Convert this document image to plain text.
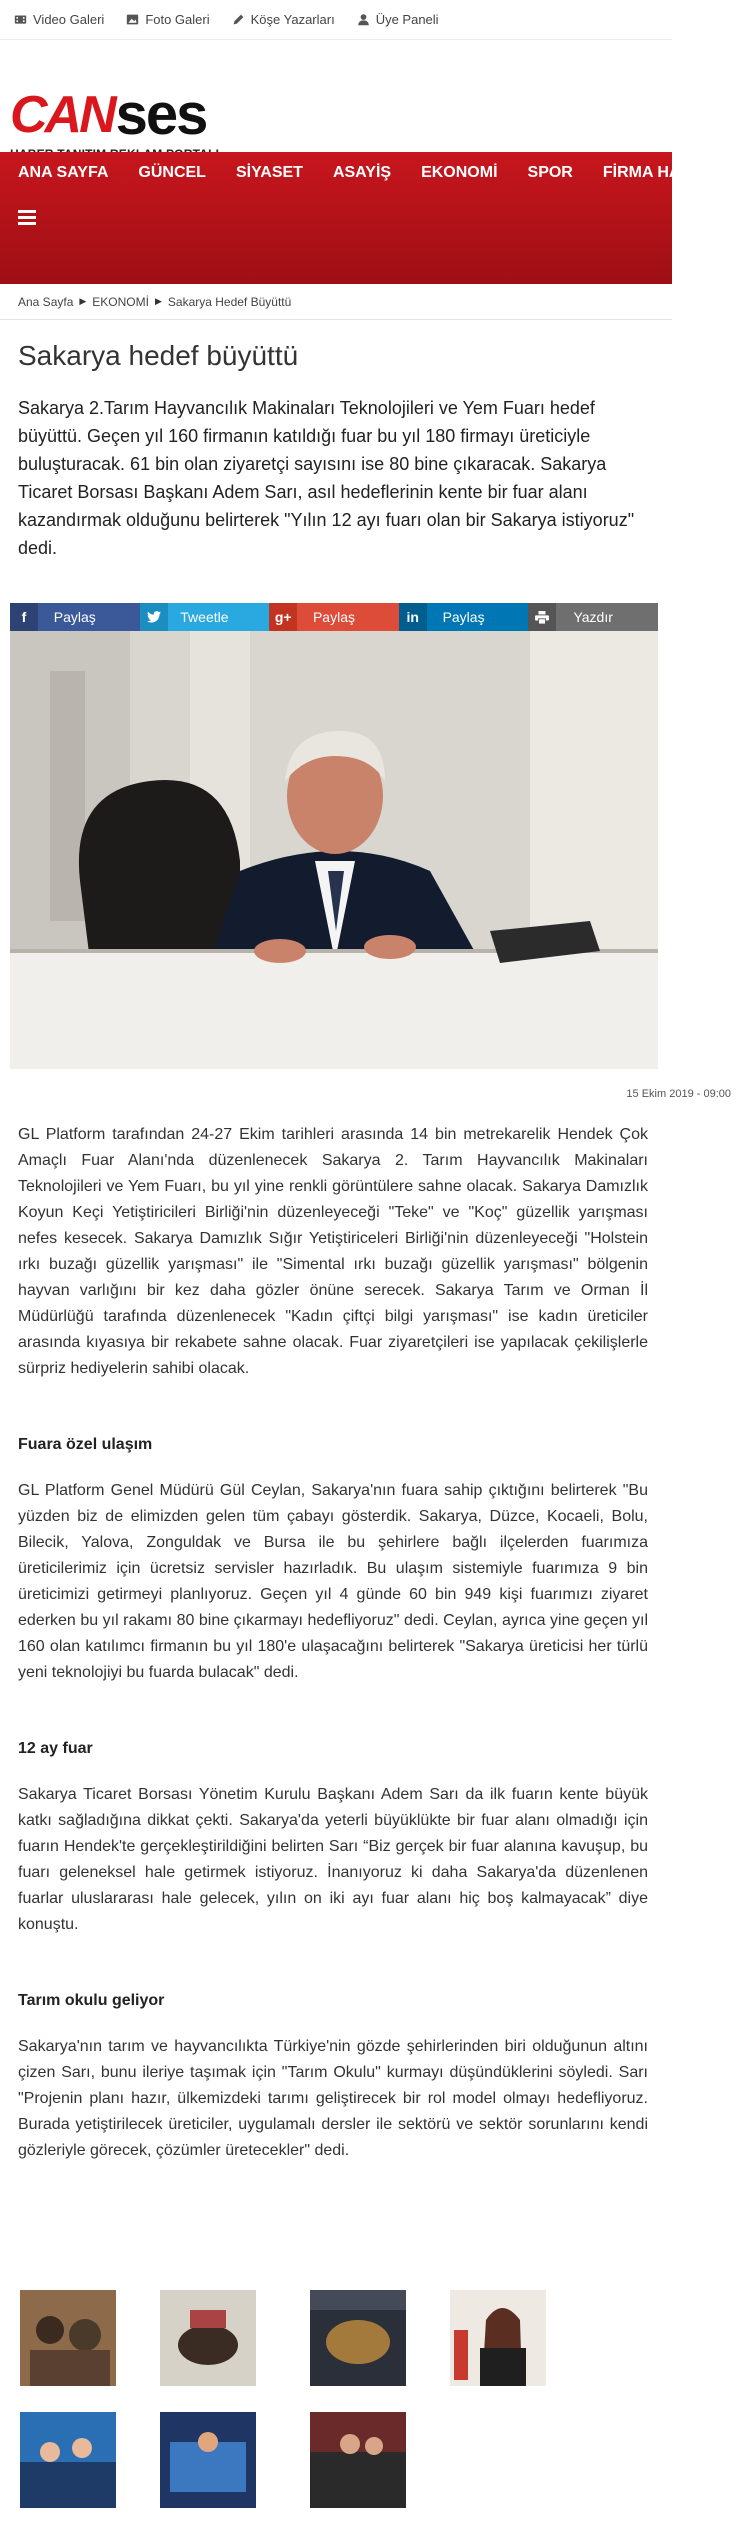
Video Galeri	Foto Galeri	Köşe Yazarları	Üye Paneli
CAN ses
ANA SAYFA GÜNCEL SİYASET ASAYİŞ EKONOMİ SPOR FİRMA HABERLERİ
Ana Sayfa ▶ EKONOMİ ▶ Sakarya Hedef Büyüttü
Sakarya hedef büyüttü

Sakarya 2.Tarım Hayvancılık Makinaları Teknolojileri ve Yem Fuarı hedef büyüttü. Geçen yıl 160 firmanın katıldığı fuar bu yıl 180 firmayı üreticiyle buluşturacak. 61 bin olan ziyaretçi sayısını ise 80 bine çıkaracak. Sakarya Ticaret Borsası Başkanı Adem Sarı, asıl hedeflerinin kente bir fuar alanı kazandırmak olduğunu belirterek "Yılın 12 ayı fuarı olan bir Sakarya istiyoruz" dedi.

f	Paylaş	Tweetle	g+	Paylaş	in	Paylaş	Yazdır
15 Ekim 2019 - 09:00

GL Platform tarafından 24-27 Ekim tarihleri arasında 14 bin metrekarelik Hendek Çok Amaçlı Fuar Alanı'nda düzenlenecek Sakarya 2. Tarım Hayvancılık Makinaları Teknolojileri ve Yem Fuarı, bu yıl yine renkli görüntülere sahne olacak. Sakarya Damızlık Koyun Keçi Yetiştiricileri Birliği'nin düzenleyeceği "Teke" ve "Koç" güzellik yarışması nefes kesecek. Sakarya Damızlık Sığır Yetiştiriceleri Birliği'nin düzenleyeceği "Holstein ırkı buzağı güzellik yarışması" ile "Simental ırkı buzağı güzellik yarışması" bölgenin hayvan varlığını bir kez daha gözler önüne serecek. Sakarya Tarım ve Orman İl Müdürlüğü tarafında düzenlenecek "Kadın çiftçi bilgi yarışması" ise kadın üreticiler arasında kıyasıya bir rekabete sahne olacak. Fuar ziyaretçileri ise yapılacak çekilişlerle sürpriz hediyelerin sahibi olacak.

Fuara özel ulaşım

GL Platform Genel Müdürü Gül Ceylan, Sakarya'nın fuara sahip çıktığını belirterek "Bu yüzden biz de elimizden gelen tüm çabayı gösterdik. Sakarya, Düzce, Kocaeli, Bolu, Bilecik, Yalova, Zonguldak ve Bursa ile bu şehirlere bağlı ilçelerden fuarımıza üreticilerimiz için ücretsiz servisler hazırladık. Bu ulaşım sistemiyle fuarımıza 9 bin üreticimizi getirmeyi planlıyoruz. Geçen yıl 4 günde 60 bin 949 kişi fuarımızı ziyaret ederken bu yıl rakamı 80 bine çıkarmayı hedefliyoruz" dedi. Ceylan, ayrıca yine geçen yıl 160 olan katılımcı firmanın bu yıl 180'e ulaşacağını belirterek "Sakarya üreticisi her türlü yeni teknolojiyi bu fuarda bulacak" dedi.

12 ay fuar

Sakarya Ticaret Borsası Yönetim Kurulu Başkanı Adem Sarı da ilk fuarın kente büyük katkı sağladığına dikkat çekti. Sakarya'da yeterli büyüklükte bir fuar alanı olmadığı için fuarın Hendek'te gerçekleştirildiğini belirten Sarı “Biz gerçek bir fuar alanına kavuşup, bu fuarı geleneksel hale getirmek istiyoruz. İnanıyoruz ki daha Sakarya'da düzenlenen fuarlar uluslararası hale gelecek, yılın on iki ayı fuar alanı hiç boş kalmayacak” diye konuştu.

Tarım okulu geliyor

Sakarya'nın tarım ve hayvancılıkta Türkiye'nin gözde şehirlerinden biri olduğunun altını çizen Sarı, bunu ileriye taşımak için "Tarım Okulu" kurmayı düşündüklerini söyledi. Sarı "Projenin planı hazır, ülkemizdeki tarımı geliştirecek bir rol model olmayı hedefliyoruz. Burada yetiştirilecek üreticiler, uygulamalı dersler ile sektörü ve sektör sorunlarını kendi gözleriyle görecek, çözümler üretecekler" dedi.
